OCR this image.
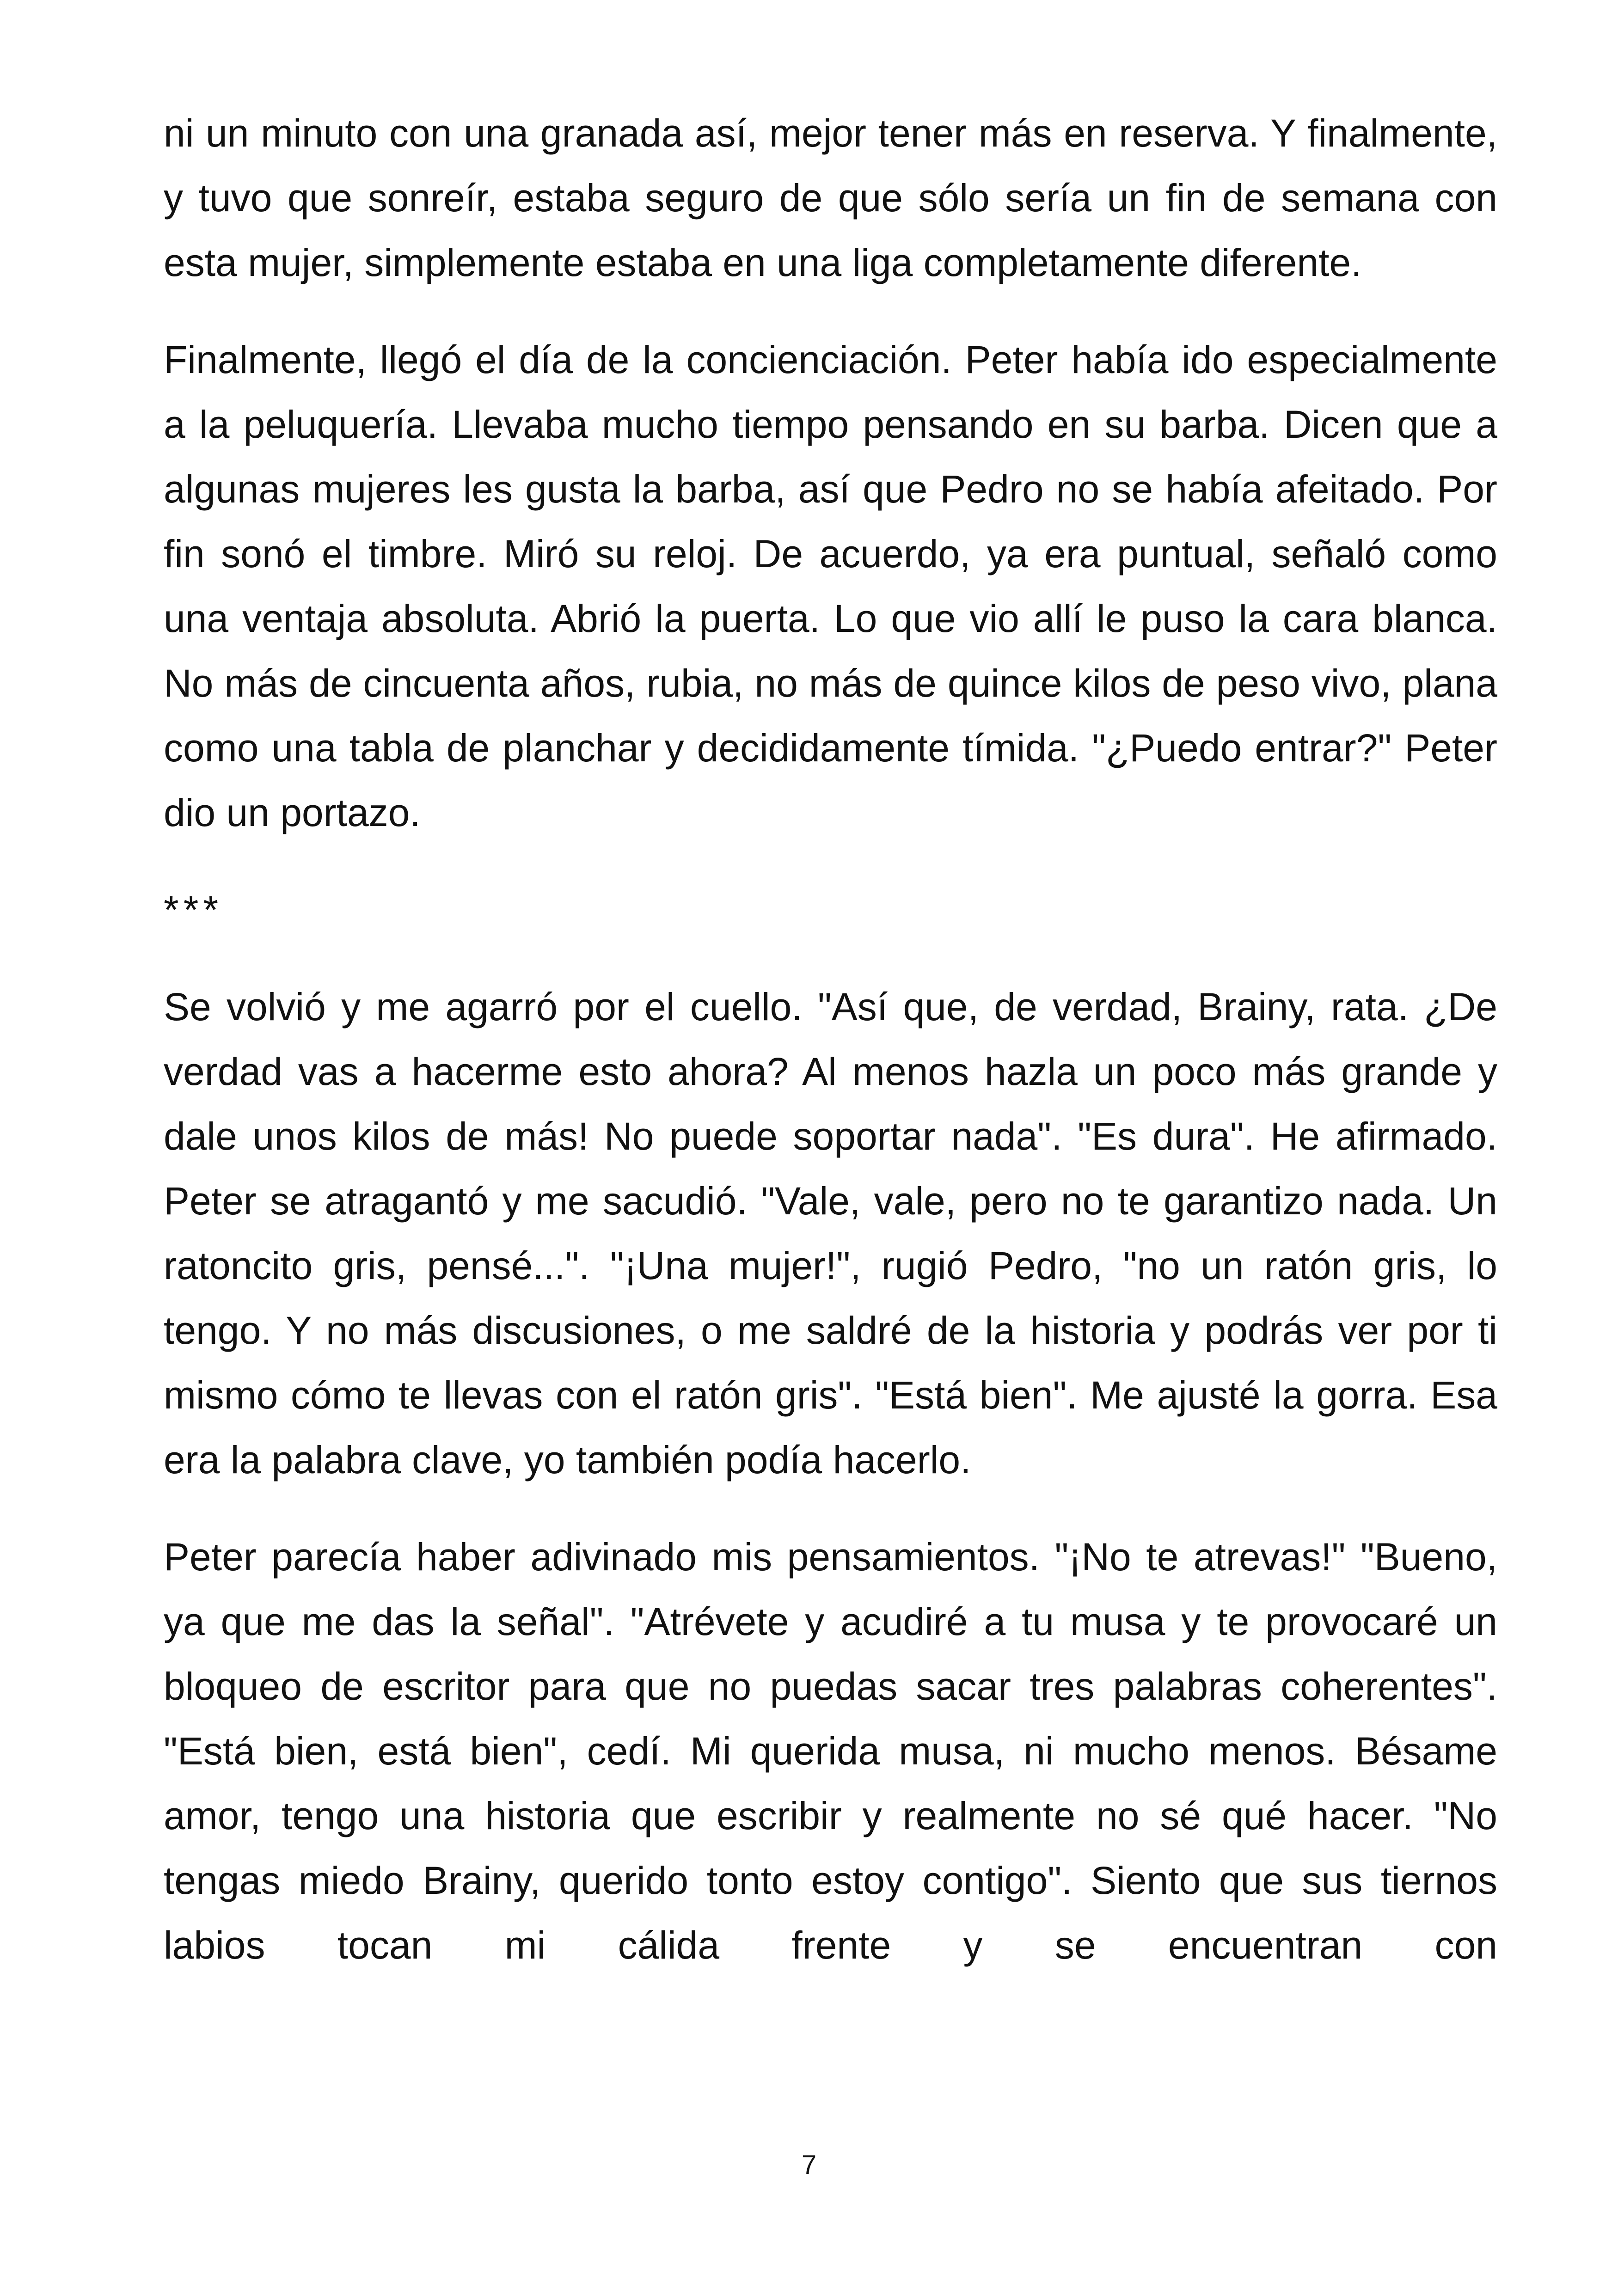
ni un minuto con una granada así, mejor tener más en reserva. Y finalmente, y tuvo que sonreír, estaba seguro de que sólo sería un fin de semana con esta mujer, simplemente estaba en una liga completamente diferente.

Finalmente, llegó el día de la concienciación. Peter había ido especialmente a la peluquería. Llevaba mucho tiempo pensando en su barba. Dicen que a algunas mujeres les gusta la barba, así que Pedro no se había afeitado. Por fin sonó el timbre. Miró su reloj. De acuerdo, ya era puntual, señaló como una ventaja absoluta. Abrió la puerta. Lo que vio allí le puso la cara blanca. No más de cincuenta años, rubia, no más de quince kilos de peso vivo, plana como una tabla de planchar y decididamente tímida. "¿Puedo entrar?" Peter dio un portazo.

***

Se volvió y me agarró por el cuello. "Así que, de verdad, Brainy, rata. ¿De verdad vas a hacerme esto ahora? Al menos hazla un poco más grande y dale unos kilos de más! No puede soportar nada". "Es dura". He afirmado. Peter se atragantó y me sacudió. "Vale, vale, pero no te garantizo nada. Un ratoncito gris, pensé...". "¡Una mujer!", rugió Pedro, "no un ratón gris, lo tengo. Y no más discusiones, o me saldré de la historia y podrás ver por ti mismo cómo te llevas con el ratón gris". "Está bien". Me ajusté la gorra. Esa era la palabra clave, yo también podía hacerlo.

Peter parecía haber adivinado mis pensamientos. "¡No te atrevas!" "Bueno, ya que me das la señal". "Atrévete y acudiré a tu musa y te provocaré un bloqueo de escritor para que no puedas sacar tres palabras coherentes". "Está bien, está bien", cedí. Mi querida musa, ni mucho menos. Bésame amor, tengo una historia que escribir y realmente no sé qué hacer. "No tengas miedo Brainy, querido tonto estoy contigo". Siento que sus tiernos labios tocan mi cálida frente y se encuentran con

7
